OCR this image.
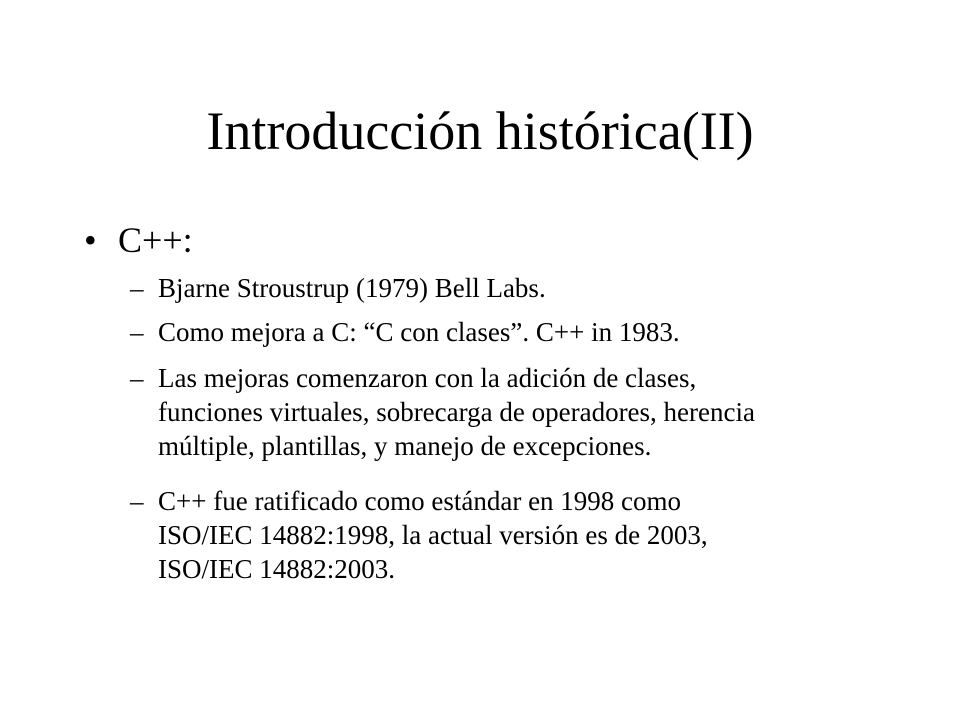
Introducción histórica(II)
• C++:
– Bjarne Stroustrup (1979) Bell Labs.
– Como mejora a C: “C con clases”. C++ in 1983.
– Las mejoras comenzaron con la adición de clases,
funciones virtuales, sobrecarga de operadores, herencia
múltiple, plantillas, y manejo de excepciones.
– C++ fue ratificado como estándar en 1998 como
ISO/IEC 14882:1998, la actual versión es de 2003,
ISO/IEC 14882:2003.
